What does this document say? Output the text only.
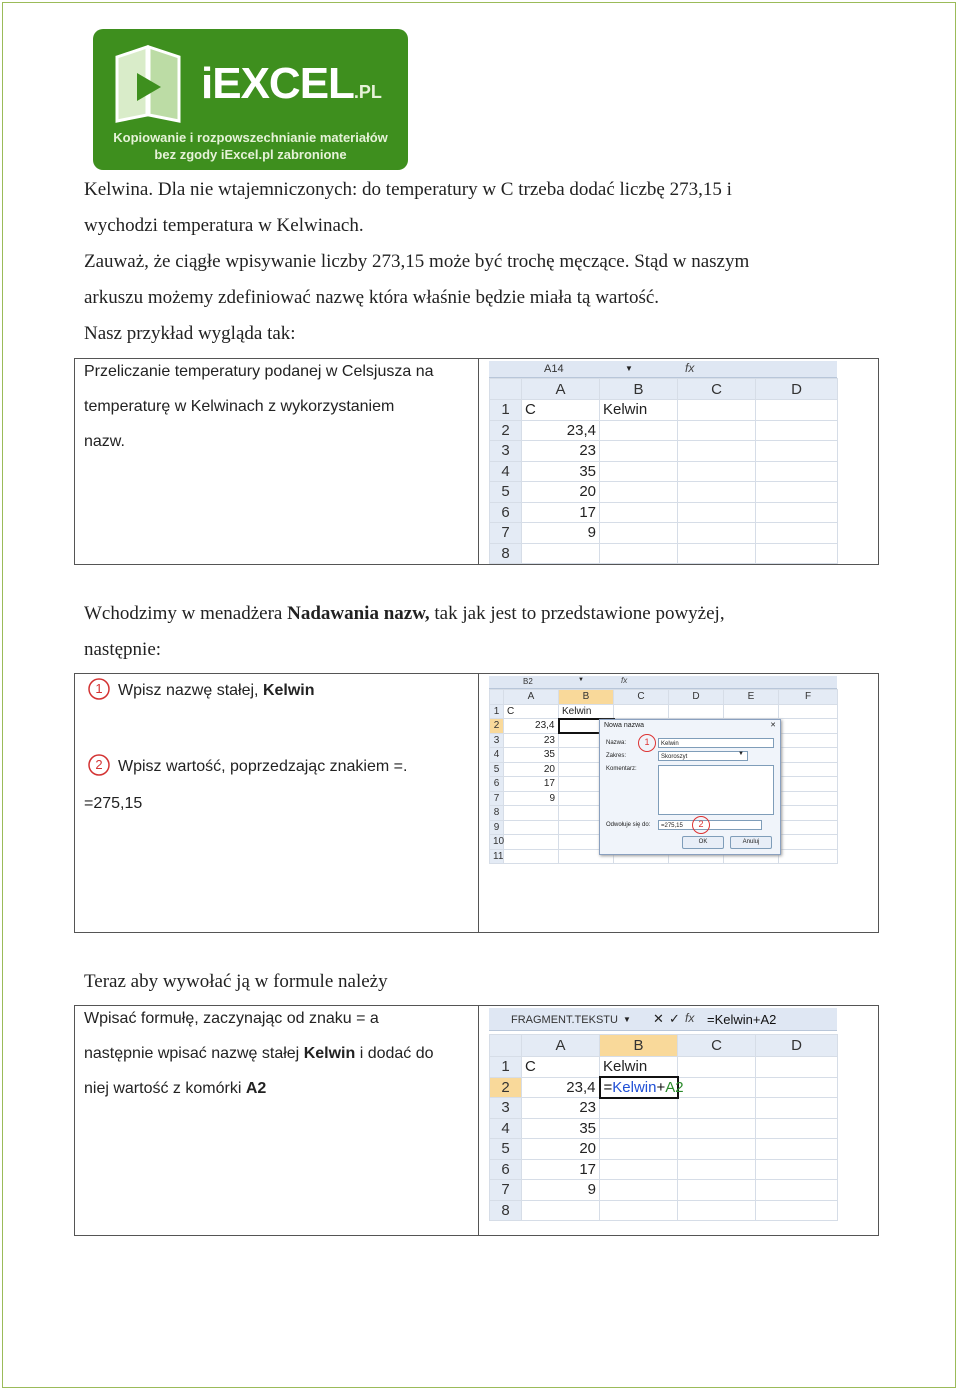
iEXCEL.PL
Kopiowanie i rozpowszechnianie materiałów
bez zgody iExcel.pl zabronione
Kelwina. Dla nie wtajemniczonych: do temperatury w C trzeba dodać liczbę 273,15 i
wychodzi temperatura w Kelwinach.
Zauważ, że ciągłe wpisywanie liczby 273,15 może być trochę męczące. Stąd w naszym
arkuszu możemy zdefiniować nazwę która właśnie będzie miała tą wartość.
Nasz przykład wygląda tak:
Przeliczanie temperatury podanej w Celsjusza na
temperaturę w Kelwinach z wykorzystaniem
nazw.
A14	▼	fx
	A	B	C	D
1	C	Kelwin		
2	23,4			
3	23			
4	35			
5	20			
6	17			
7	9			
8				
Wchodzimy w menadżera Nadawania nazw, tak jak jest to przedstawione powyżej,
następnie:
1 Wpisz nazwę stałej, Kelwin
2 Wpisz wartość, poprzedzając znakiem =.
=275,15
B2	▼	fx
	A	B	C	D	E	F
1	C	Kelwin				
2	23,4					
3	23					
4	35					
5	20					
6	17					
7	9					
8						
9						
10						
11						
Nowa nazwa	✕
Nazwa:	Kelwin
Zakres:	Skoroszyt	▼
Komentarz:
Odwołuje się do:	=275,15
OK	Anuluj
1
2
Teraz aby wywołać ją w formule należy
Wpisać formułę, zaczynając od znaku = a
następnie wpisać nazwę stałej Kelwin i dodać do
niej wartość z komórki A2
FRAGMENT.TEKSTU ▼ ✕ ✓ fx =Kelwin+A2
	A	B	C	D
1	C	Kelwin		
2	23,4	=Kelwin+A2		
3	23			
4	35			
5	20			
6	17			
7	9			
8				
